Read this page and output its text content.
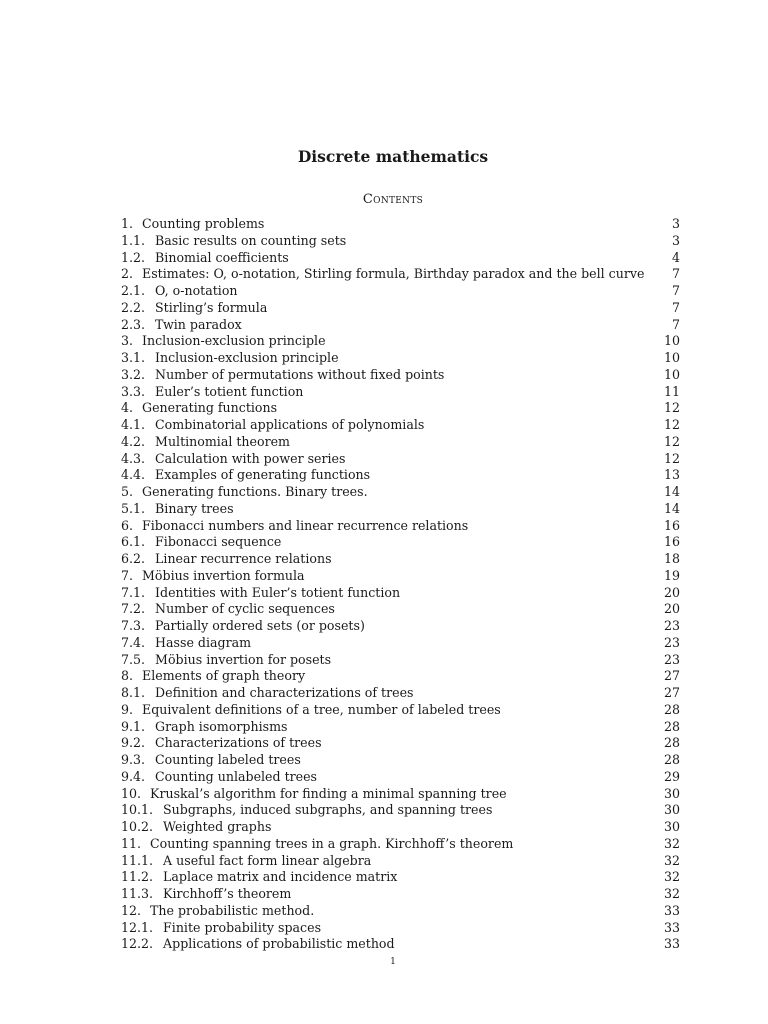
Discrete mathematics
Contents
1. Counting problems	3
1.1. Basic results on counting sets	3
1.2. Binomial coefficients	4
2. Estimates: O, o-notation, Stirling formula, Birthday paradox and the bell curve 7
2.1. O, o-notation	7
2.2. Stirling’s formula	7
2.3. Twin paradox	7
3. Inclusion-exclusion principle	10
3.1. Inclusion-exclusion principle	10
3.2. Number of permutations without fixed points	10
3.3. Euler’s totient function	11
4. Generating functions	12
4.1. Combinatorial applications of polynomials	12
4.2. Multinomial theorem	12
4.3. Calculation with power series	12
4.4. Examples of generating functions	13
5. Generating functions. Binary trees.	14
5.1. Binary trees	14
6. Fibonacci numbers and linear recurrence relations	16
6.1. Fibonacci sequence	16
6.2. Linear recurrence relations	18
7. Möbius invertion formula	19
7.1. Identities with Euler’s totient function	20
7.2. Number of cyclic sequences	20
7.3. Partially ordered sets (or posets)	23
7.4. Hasse diagram	23
7.5. Möbius invertion for posets	23
8. Elements of graph theory	27
8.1. Definition and characterizations of trees	27
9. Equivalent definitions of a tree, number of labeled trees	28
9.1. Graph isomorphisms	28
9.2. Characterizations of trees	28
9.3. Counting labeled trees	28
9.4. Counting unlabeled trees	29
10. Kruskal’s algorithm for finding a minimal spanning tree	30
10.1. Subgraphs, induced subgraphs, and spanning trees	30
10.2. Weighted graphs	30
11. Counting spanning trees in a graph. Kirchhoff’s theorem	32
11.1. A useful fact form linear algebra	32
11.2. Laplace matrix and incidence matrix	32
11.3. Kirchhoff’s theorem	32
12. The probabilistic method.	33
12.1. Finite probability spaces	33
12.2. Applications of probabilistic method	33
1
